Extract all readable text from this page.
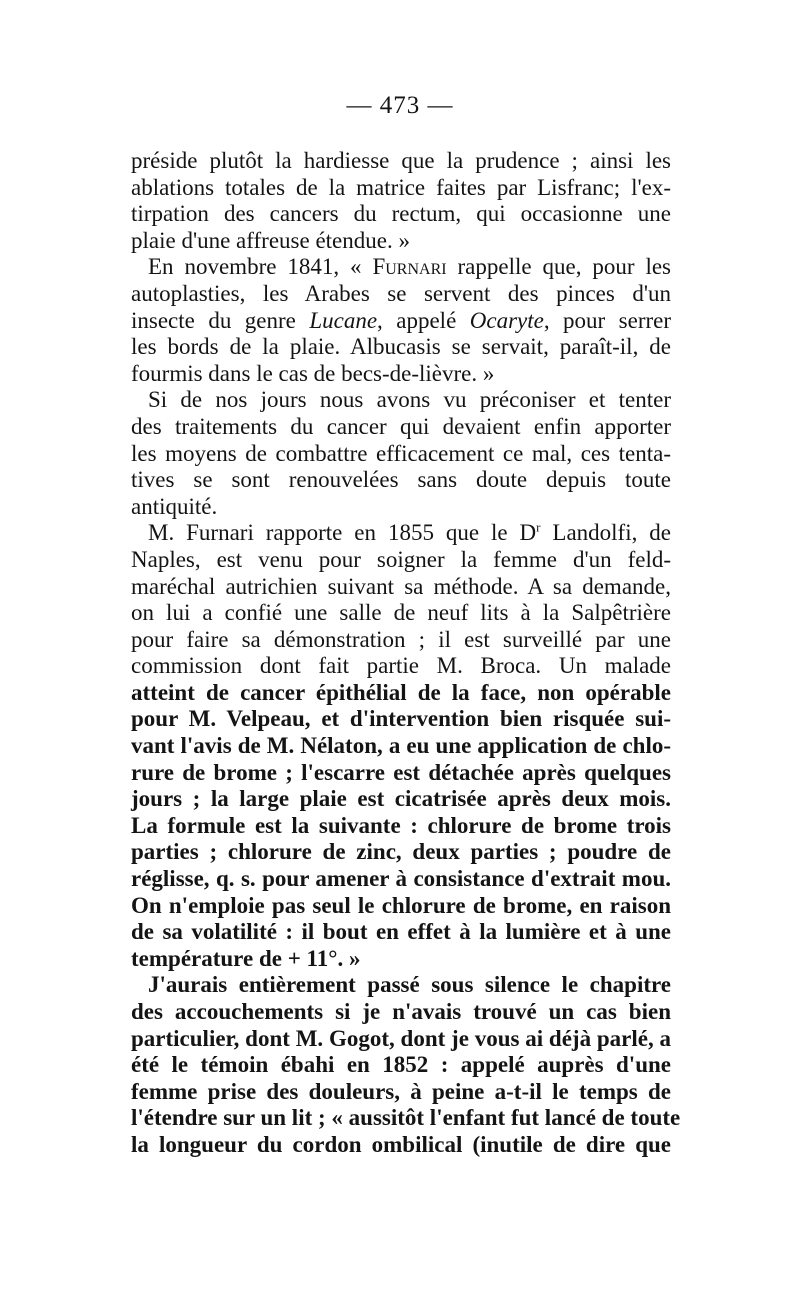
— 473 —
préside plutôt la hardiesse que la prudence ; ainsi les
ablations totales de la matrice faites par Lisfranc; l'ex-
tirpation des cancers du rectum, qui occasionne une
plaie d'une affreuse étendue. »
En novembre 1841, « Furnari rappelle que, pour les
autoplasties, les Arabes se servent des pinces d'un
insecte du genre Lucane, appelé Ocaryte, pour serrer
les bords de la plaie. Albucasis se servait, paraît-il, de
fourmis dans le cas de becs-de-lièvre. »
Si de nos jours nous avons vu préconiser et tenter
des traitements du cancer qui devaient enfin apporter
les moyens de combattre efficacement ce mal, ces tenta-
tives se sont renouvelées sans doute depuis toute
antiquité.
M. Furnari rapporte en 1855 que le $D^r$ Landolfi, de
Naples, est venu pour soigner la femme d'un feld-
maréchal autrichien suivant sa méthode. A sa demande,
on lui a confié une salle de neuf lits à la Salpêtrière
pour faire sa démonstration ; il est surveillé par une
commission dont fait partie M. Broca. Un malade
atteint de cancer épithélial de la face, non opérable
pour M. Velpeau, et d'intervention bien risquée sui-
vant l'avis de M. Nélaton, a eu une application de chlo-
rure de brome ; l'escarre est détachée après quelques
jours ; la large plaie est cicatrisée après deux mois.
La formule est la suivante : chlorure de brome trois
parties ; chlorure de zinc, deux parties ; poudre de
réglisse, q. s. pour amener à consistance d'extrait mou.
On n'emploie pas seul le chlorure de brome, en raison
de sa volatilité : il bout en effet à la lumière et à une
température de + 11°. »
J'aurais entièrement passé sous silence le chapitre
des accouchements si je n'avais trouvé un cas bien
particulier, dont M. Gogot, dont je vous ai déjà parlé, a
été le témoin ébahi en 1852 : appelé auprès d'une
femme prise des douleurs, à peine a-t-il le temps de
l'étendre sur un lit ; « aussitôt l'enfant fut lancé de toute
la longueur du cordon ombilical (inutile de dire que
